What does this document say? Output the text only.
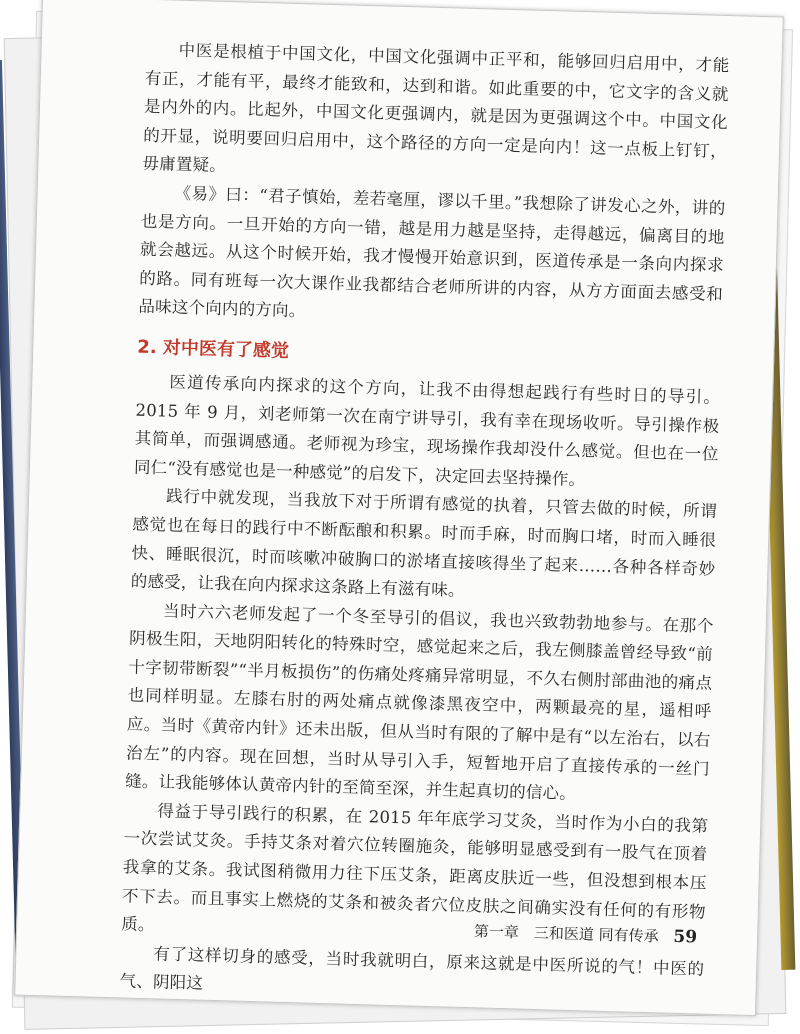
中医是根植于中国文化，中国文化强调中正平和，能够回归启用中，才能有正，才能有平，最终才能致和，达到和谐。如此重要的中，它文字的含义就是内外的内。比起外，中国文化更强调内，就是因为更强调这个中。中国文化的开显，说明要回归启用中，这个路径的方向一定是向内！这一点板上钉钉，毋庸置疑。

《易》曰：“君子慎始，差若毫厘，谬以千里。”我想除了讲发心之外，讲的也是方向。一旦开始的方向一错，越是用力越是坚持，走得越远，偏离目的地就会越远。从这个时候开始，我才慢慢开始意识到，医道传承是一条向内探求的路。同有班每一次大课作业我都结合老师所讲的内容，从方方面面去感受和品味这个向内的方向。

2. 对中医有了感觉

医道传承向内探求的这个方向，让我不由得想起践行有些时日的导引。2015 年 9 月，刘老师第一次在南宁讲导引，我有幸在现场收听。导引操作极其简单，而强调感通。老师视为珍宝，现场操作我却没什么感觉。但也在一位同仁“没有感觉也是一种感觉”的启发下，决定回去坚持操作。

践行中就发现，当我放下对于所谓有感觉的执着，只管去做的时候，所谓感觉也在每日的践行中不断酝酿和积累。时而手麻，时而胸口堵，时而入睡很快、睡眠很沉，时而咳嗽冲破胸口的淤堵直接咳得坐了起来……各种各样奇妙的感受，让我在向内探求这条路上有滋有味。

当时六六老师发起了一个冬至导引的倡议，我也兴致勃勃地参与。在那个阴极生阳，天地阴阳转化的特殊时空，感觉起来之后，我左侧膝盖曾经导致“前十字韧带断裂”“半月板损伤”的伤痛处疼痛异常明显，不久右侧肘部曲池的痛点也同样明显。左膝右肘的两处痛点就像漆黑夜空中，两颗最亮的星，遥相呼应。当时《黄帝内针》还未出版，但从当时有限的了解中是有“以左治右，以右治左”的内容。现在回想，当时从导引入手，短暂地开启了直接传承的一丝门缝。让我能够体认黄帝内针的至简至深，并生起真切的信心。

得益于导引践行的积累，在 2015 年年底学习艾灸，当时作为小白的我第一次尝试艾灸。手持艾条对着穴位转圈施灸，能够明显感受到有一股气在顶着我拿的艾条。我试图稍微用力往下压艾条，距离皮肤近一些，但没想到根本压不下去。而且事实上燃烧的艾条和被灸者穴位皮肤之间确实没有任何的有形物质。

有了这样切身的感受，当时我就明白，原来这就是中医所说的气！中医的气、阴阳这

第一章　三和医道 同有传承 59
